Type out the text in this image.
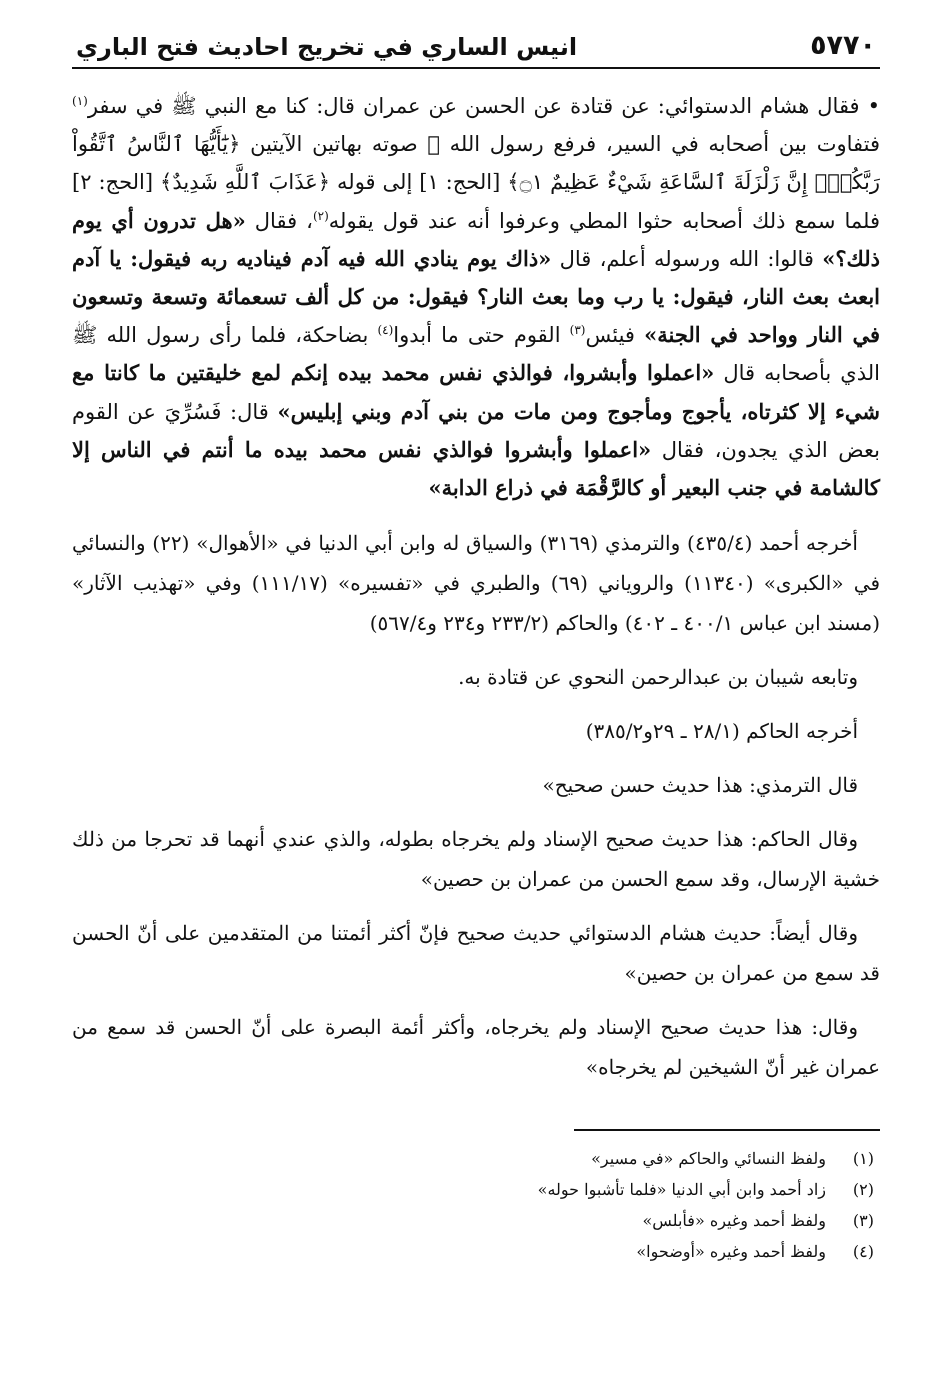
٥٧٧٠
انيس الساري في تخريج احاديث فتح الباري

• فقال هشام الدستوائي: عن قتادة عن الحسن عن عمران قال: كنا مع النبي ﷺ في سفر$^{(١)}$ فتفاوت بين أصحابه في السير، فرفع رسول الله ﷺ صوته بهاتين الآيتين ﴿يَٰٓأَيُّهَا ٱلنَّاسُ ٱتَّقُواْ رَبَّكُمْۚ إِنَّ زَلْزَلَةَ ٱلسَّاعَةِ شَيْءٌ عَظِيمٌ ۝١﴾ [الحج: ١] إلى قوله ﴿عَذَابَ ٱللَّهِ شَدِيدٌ﴾ [الحج: ٢] فلما سمع ذلك أصحابه حثوا المطي وعرفوا أنه عند قول يقوله$^{(٢)}$، فقال «هل تدرون أي يوم ذلك؟» قالوا: الله ورسوله أعلم، قال «ذاك يوم ينادي الله فيه آدم فيناديه ربه فيقول: يا آدم ابعث بعث النار، فيقول: يا رب وما بعث النار؟ فيقول: من كل ألف تسعمائة وتسعة وتسعون في النار وواحد في الجنة» فيئس$^{(٣)}$ القوم حتى ما أبدوا$^{(٤)}$ بضاحكة، فلما رأى رسول الله ﷺ الذي بأصحابه قال «اعملوا وأبشروا، فوالذي نفس محمد بيده إنكم لمع خليقتين ما كانتا مع شيء إلا كثرتاه، يأجوج ومأجوج ومن مات من بني آدم وبني إبليس» قال: فَسُرِّيَ عن القوم بعض الذي يجدون، فقال «اعملوا وأبشروا فوالذي نفس محمد بيده ما أنتم في الناس إلا كالشامة في جنب البعير أو كالرَّقْمَة في ذراع الدابة»

أخرجه أحمد (٤٣٥/٤) والترمذي (٣١٦٩) والسياق له وابن أبي الدنيا في «الأهوال» (٢٢) والنسائي في «الكبرى» (١١٣٤٠) والروياني (٦٩) والطبري في «تفسيره» (١١١/١٧) وفي «تهذيب الآثار» (مسند ابن عباس ٤٠٠/١ ـ ٤٠٢) والحاكم (٢٣٣/٢ و٢٣٤ و٥٦٧/٤)

وتابعه شيبان بن عبدالرحمن النحوي عن قتادة به.

أخرجه الحاكم (٢٨/١ ـ ٢٩و٣٨٥/٢)

قال الترمذي: هذا حديث حسن صحيح»

وقال الحاكم: هذا حديث صحيح الإسناد ولم يخرجاه بطوله، والذي عندي أنهما قد تحرجا من ذلك خشية الإرسال، وقد سمع الحسن من عمران بن حصين»

وقال أيضاً: حديث هشام الدستوائي حديث صحيح فإنّ أكثر أئمتنا من المتقدمين على أنّ الحسن قد سمع من عمران بن حصين»

وقال: هذا حديث صحيح الإسناد ولم يخرجاه، وأكثر أئمة البصرة على أنّ الحسن قد سمع من عمران غير أنّ الشيخين لم يخرجاه»

(١)
ولفظ النسائي والحاكم «في مسير»
(٢)
زاد أحمد وابن أبي الدنيا «فلما تأشبوا حوله»
(٣)
ولفظ أحمد وغيره «فأبلس»
(٤)
ولفظ أحمد وغيره «أوضحوا»
